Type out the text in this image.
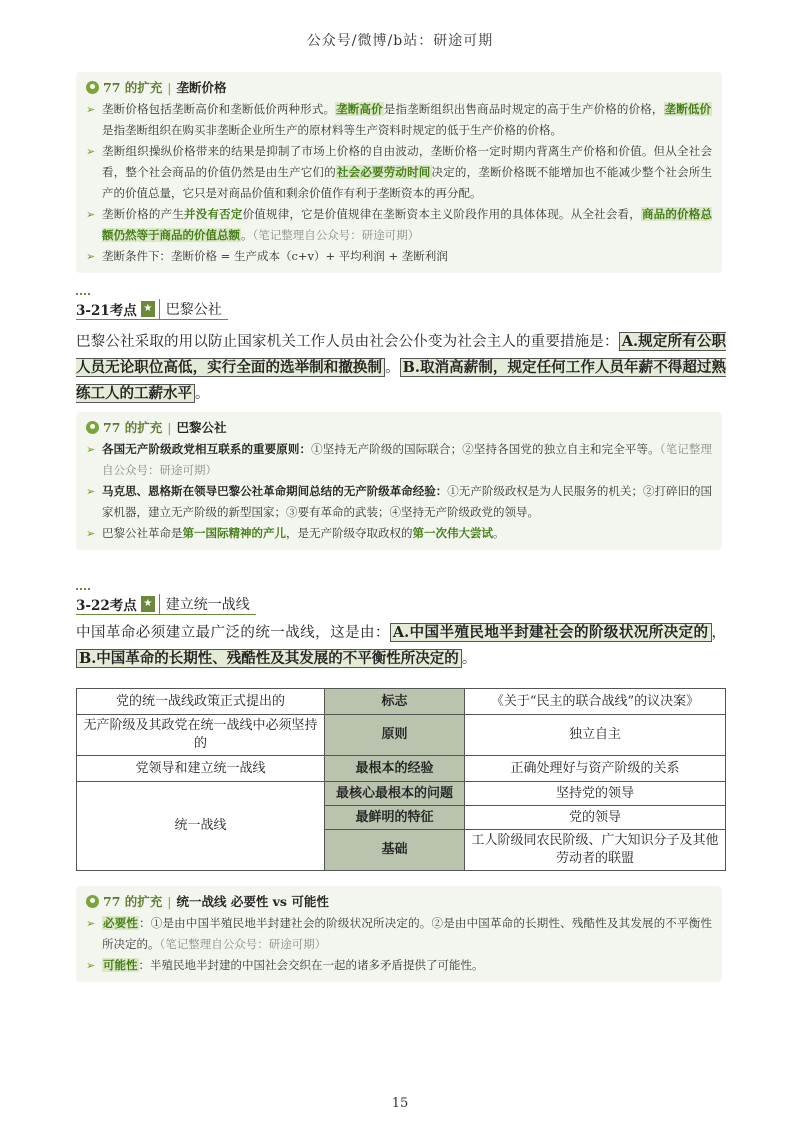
公众号/微博/b站：研途可期
77 的扩充 | 垄断价格
➢ 垄断价格包括垄断高价和垄断低价两种形式。垄断高价是指垄断组织出售商品时规定的高于生产价格的价格，垄断低价是指垄断组织在购买非垄断企业所生产的原材料等生产资料时规定的低于生产价格的价格。
➢ 垄断组织操纵价格带来的结果是抑制了市场上价格的自由波动，垄断价格一定时期内背离生产价格和价值。但从全社会看，整个社会商品的价值仍然是由生产它们的社会必要劳动时间决定的，垄断价格既不能增加也不能减少整个社会所生产的价值总量，它只是对商品价值和剩余价值作有利于垄断资本的再分配。
➢ 垄断价格的产生并没有否定价值规律，它是价值规律在垄断资本主义阶段作用的具体体现。从全社会看，商品的价格总额仍然等于商品的价值总额。（笔记整理自公众号：研途可期）
➢ 垄断条件下：垄断价格 = 生产成本（c+v）+ 平均利润 + 垄断利润
3-21考点 ★ 巴黎公社
巴黎公社采取的用以防止国家机关工作人员由社会公仆变为社会主人的重要措施是： A.规定所有公职人员无论职位高低，实行全面的选举制和撤换制 。 B.取消高薪制，规定任何工作人员年薪不得超过熟练工人的工薪水平 。
77 的扩充 | 巴黎公社
➢ 各国无产阶级政党相互联系的重要原则：①坚持无产阶级的国际联合；②坚持各国党的独立自主和完全平等。（笔记整理自公众号：研途可期）
➢ 马克思、恩格斯在领导巴黎公社革命期间总结的无产阶级革命经验：①无产阶级政权是为人民服务的机关；②打碎旧的国家机器，建立无产阶级的新型国家；③要有革命的武装；④坚持无产阶级政党的领导。
➢ 巴黎公社革命是第一国际精神的产儿，是无产阶级夺取政权的第一次伟大尝试。
3-22考点 ★ 建立统一战线
中国革命必须建立最广泛的统一战线，这是由： A.中国半殖民地半封建社会的阶级状况所决定的 ，B.中国革命的长期性、残酷性及其发展的不平衡性所决定的 。
党的统一战线政策正式提出的	标志	《关于“民主的联合战线”的议决案》
无产阶级及其政党在统一战线中必须坚持的	原则	独立自主
党领导和建立统一战线	最根本的经验	正确处理好与资产阶级的关系
统一战线	最核心最根本的问题	坚持党的领导
	最鲜明的特征	党的领导
	基础	工人阶级同农民阶级、广大知识分子及其他劳动者的联盟
77 的扩充 | 统一战线 必要性 vs 可能性
➢ 必要性：①是由中国半殖民地半封建社会的阶级状况所决定的。②是由中国革命的长期性、残酷性及其发展的不平衡性所决定的。（笔记整理自公众号：研途可期）
➢ 可能性：半殖民地半封建的中国社会交织在一起的诸多矛盾提供了可能性。
15
